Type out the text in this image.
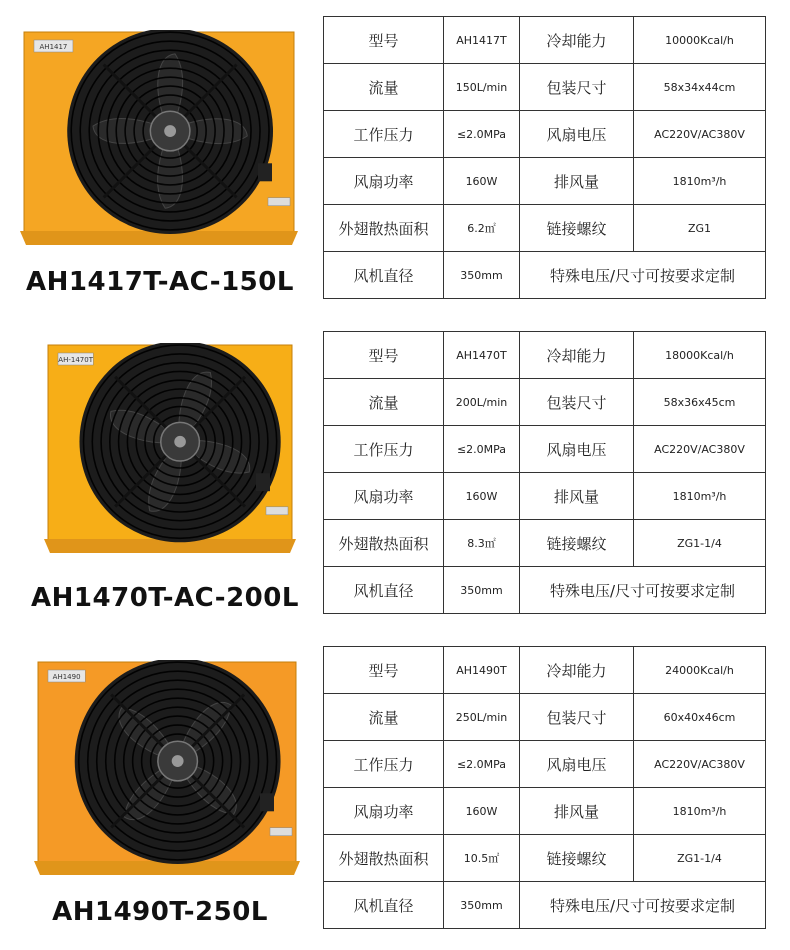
AH1417
AH1417T-AC-150L
型号	AH1417T	冷却能力	10000Kcal/h
流量	150L/min	包装尺寸	58x34x44cm
工作压力	≤2.0MPa	风扇电压	AC220V/AC380V
风扇功率	160W	排风量	1810m³/h
外翅散热面积	6.2㎡	链接螺纹	ZG1
风机直径	350mm	特殊电压/尺寸可按要求定制	
AH-1470T
AH1470T-AC-200L
型号	AH1470T	冷却能力	18000Kcal/h
流量	200L/min	包装尺寸	58x36x45cm
工作压力	≤2.0MPa	风扇电压	AC220V/AC380V
风扇功率	160W	排风量	1810m³/h
外翅散热面积	8.3㎡	链接螺纹	ZG1-1/4
风机直径	350mm	特殊电压/尺寸可按要求定制	
AH1490
AH1490T-250L
型号	AH1490T	冷却能力	24000Kcal/h
流量	250L/min	包装尺寸	60x40x46cm
工作压力	≤2.0MPa	风扇电压	AC220V/AC380V
风扇功率	160W	排风量	1810m³/h
外翅散热面积	10.5㎡	链接螺纹	ZG1-1/4
风机直径	350mm	特殊电压/尺寸可按要求定制	
